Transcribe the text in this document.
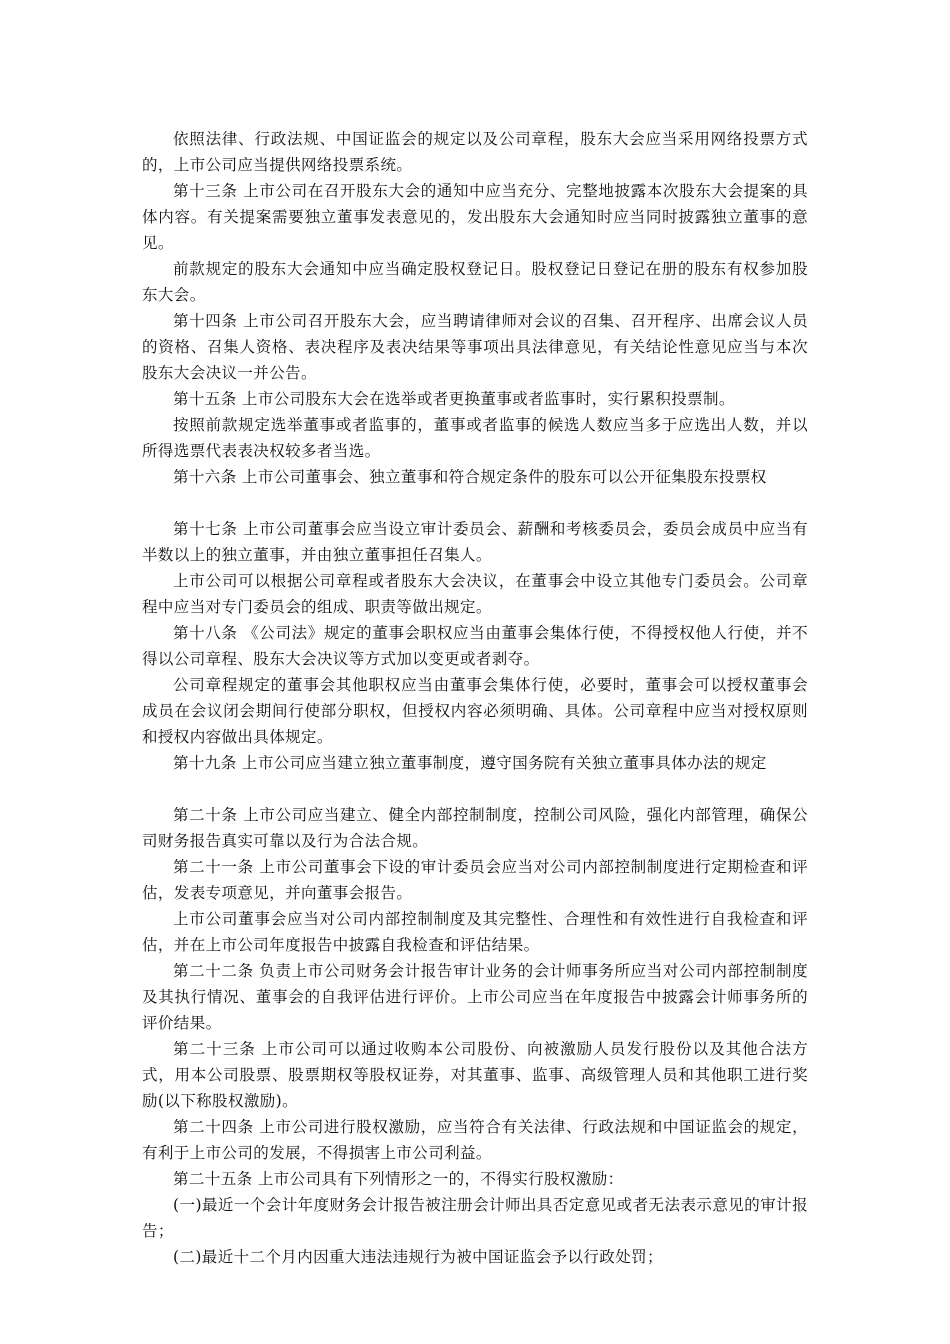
依照法律、行政法规、中国证监会的规定以及公司章程，股东大会应当采用网络投票方式的，上市公司应当提供网络投票系统。

第十三条 上市公司在召开股东大会的通知中应当充分、完整地披露本次股东大会提案的具体内容。有关提案需要独立董事发表意见的，发出股东大会通知时应当同时披露独立董事的意见。

前款规定的股东大会通知中应当确定股权登记日。股权登记日登记在册的股东有权参加股东大会。

第十四条 上市公司召开股东大会，应当聘请律师对会议的召集、召开程序、出席会议人员的资格、召集人资格、表决程序及表决结果等事项出具法律意见，有关结论性意见应当与本次股东大会决议一并公告。

第十五条 上市公司股东大会在选举或者更换董事或者监事时，实行累积投票制。

按照前款规定选举董事或者监事的，董事或者监事的候选人数应当多于应选出人数，并以所得选票代表表决权较多者当选。

第十六条 上市公司董事会、独立董事和符合规定条件的股东可以公开征集股东投票权

第十七条 上市公司董事会应当设立审计委员会、薪酬和考核委员会，委员会成员中应当有半数以上的独立董事，并由独立董事担任召集人。

上市公司可以根据公司章程或者股东大会决议，在董事会中设立其他专门委员会。公司章程中应当对专门委员会的组成、职责等做出规定。

第十八条 《公司法》规定的董事会职权应当由董事会集体行使，不得授权他人行使，并不得以公司章程、股东大会决议等方式加以变更或者剥夺。

公司章程规定的董事会其他职权应当由董事会集体行使，必要时，董事会可以授权董事会成员在会议闭会期间行使部分职权，但授权内容必须明确、具体。公司章程中应当对授权原则和授权内容做出具体规定。

第十九条 上市公司应当建立独立董事制度，遵守国务院有关独立董事具体办法的规定

第二十条 上市公司应当建立、健全内部控制制度，控制公司风险，强化内部管理，确保公司财务报告真实可靠以及行为合法合规。

第二十一条 上市公司董事会下设的审计委员会应当对公司内部控制制度进行定期检查和评估，发表专项意见，并向董事会报告。

上市公司董事会应当对公司内部控制制度及其完整性、合理性和有效性进行自我检查和评估，并在上市公司年度报告中披露自我检查和评估结果。

第二十二条 负责上市公司财务会计报告审计业务的会计师事务所应当对公司内部控制制度及其执行情况、董事会的自我评估进行评价。上市公司应当在年度报告中披露会计师事务所的评价结果。

第二十三条 上市公司可以通过收购本公司股份、向被激励人员发行股份以及其他合法方式，用本公司股票、股票期权等股权证券，对其董事、监事、高级管理人员和其他职工进行奖励(以下称股权激励)。

第二十四条 上市公司进行股权激励，应当符合有关法律、行政法规和中国证监会的规定，有利于上市公司的发展，不得损害上市公司利益。

第二十五条 上市公司具有下列情形之一的，不得实行股权激励：

(一)最近一个会计年度财务会计报告被注册会计师出具否定意见或者无法表示意见的审计报告；

(二)最近十二个月内因重大违法违规行为被中国证监会予以行政处罚；
